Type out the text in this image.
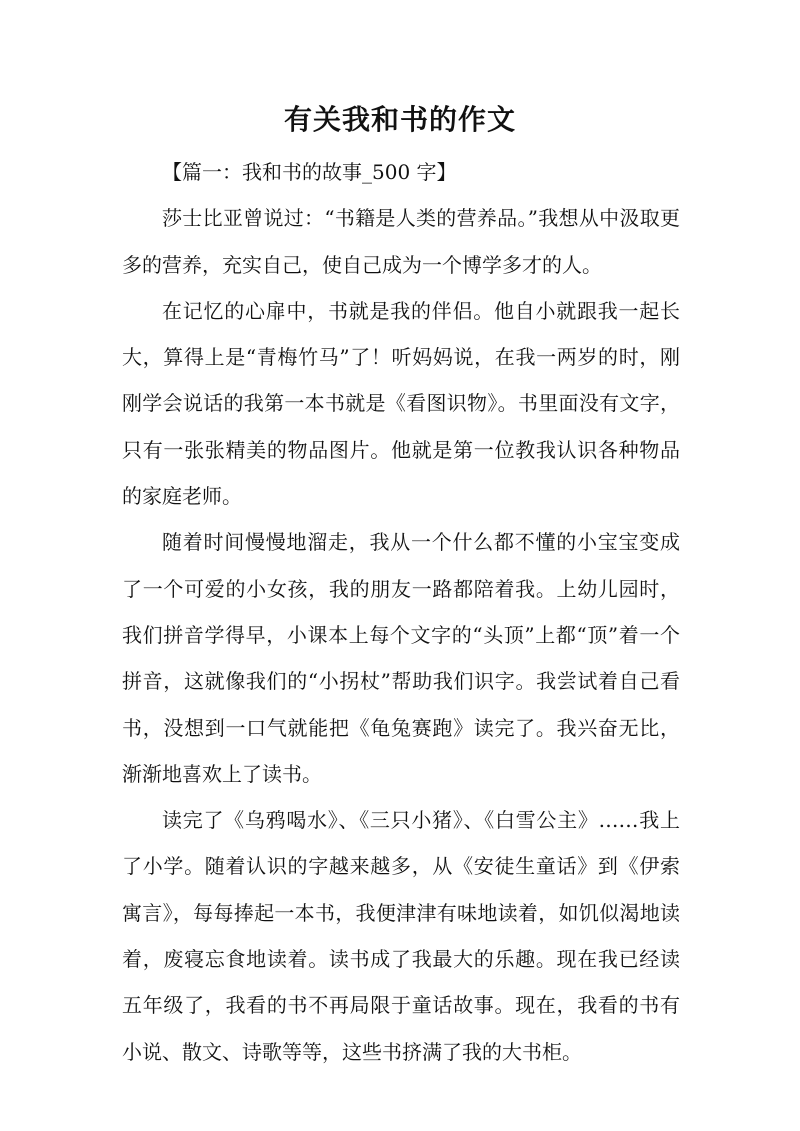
有关我和书的作文

【篇一：我和书的故事_500 字】

莎士比亚曾说过：“书籍是人类的营养品。”我想从中汲取更多的营养，充实自己，使自己成为一个博学多才的人。

在记忆的心扉中，书就是我的伴侣。他自小就跟我一起长大，算得上是“青梅竹马”了！听妈妈说，在我一两岁的时，刚刚学会说话的我第一本书就是《看图识物》。书里面没有文字，只有一张张精美的物品图片。他就是第一位教我认识各种物品的家庭老师。

随着时间慢慢地溜走，我从一个什么都不懂的小宝宝变成了一个可爱的小女孩，我的朋友一路都陪着我。上幼儿园时，我们拼音学得早，小课本上每个文字的“头顶”上都“顶”着一个拼音，这就像我们的“小拐杖”帮助我们识字。我尝试着自己看书，没想到一口气就能把《龟兔赛跑》读完了。我兴奋无比，渐渐地喜欢上了读书。

读完了《乌鸦喝水》、《三只小猪》、《白雪公主》……我上了小学。随着认识的字越来越多，从《安徒生童话》到《伊索寓言》，每每捧起一本书，我便津津有味地读着，如饥似渴地读着，废寝忘食地读着。读书成了我最大的乐趣。现在我已经读五年级了，我看的书不再局限于童话故事。现在，我看的书有小说、散文、诗歌等等，这些书挤满了我的大书柜。
